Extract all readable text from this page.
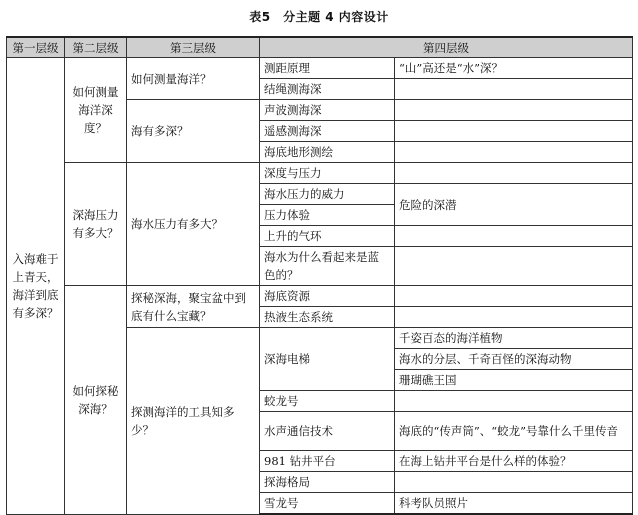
表5　分主题 4 内容设计
第一层级	第二层级	第三层级	第四层级	
入海难于上青天，海洋到底有多深？	如何测量海洋深度？	如何测量海洋？	测距原理	“山”高还是“水”深？
			结绳测海深	
		海有多深？	声波测海深	
			遥感测海深	
			海底地形测绘	
	深海压力有多大？	海水压力有多大？	深度与压力	
			海水压力的威力	危险的深潜
			压力体验	
			上升的气环	
			海水为什么看起来是蓝色的？	
	如何探秘深海？	探秘深海，聚宝盆中到底有什么宝藏？	海底资源	
			热液生态系统	
		探测海洋的工具知多少？	深海电梯	千姿百态的海洋植物
				海水的分层、千奇百怪的深海动物
				珊瑚礁王国
			蛟龙号	
			水声通信技术	海底的“传声筒”、“蛟龙”号靠什么千里传音
			981 钻井平台	在海上钻井平台是什么样的体验？
			探海格局	
			雪龙号	科考队员照片
